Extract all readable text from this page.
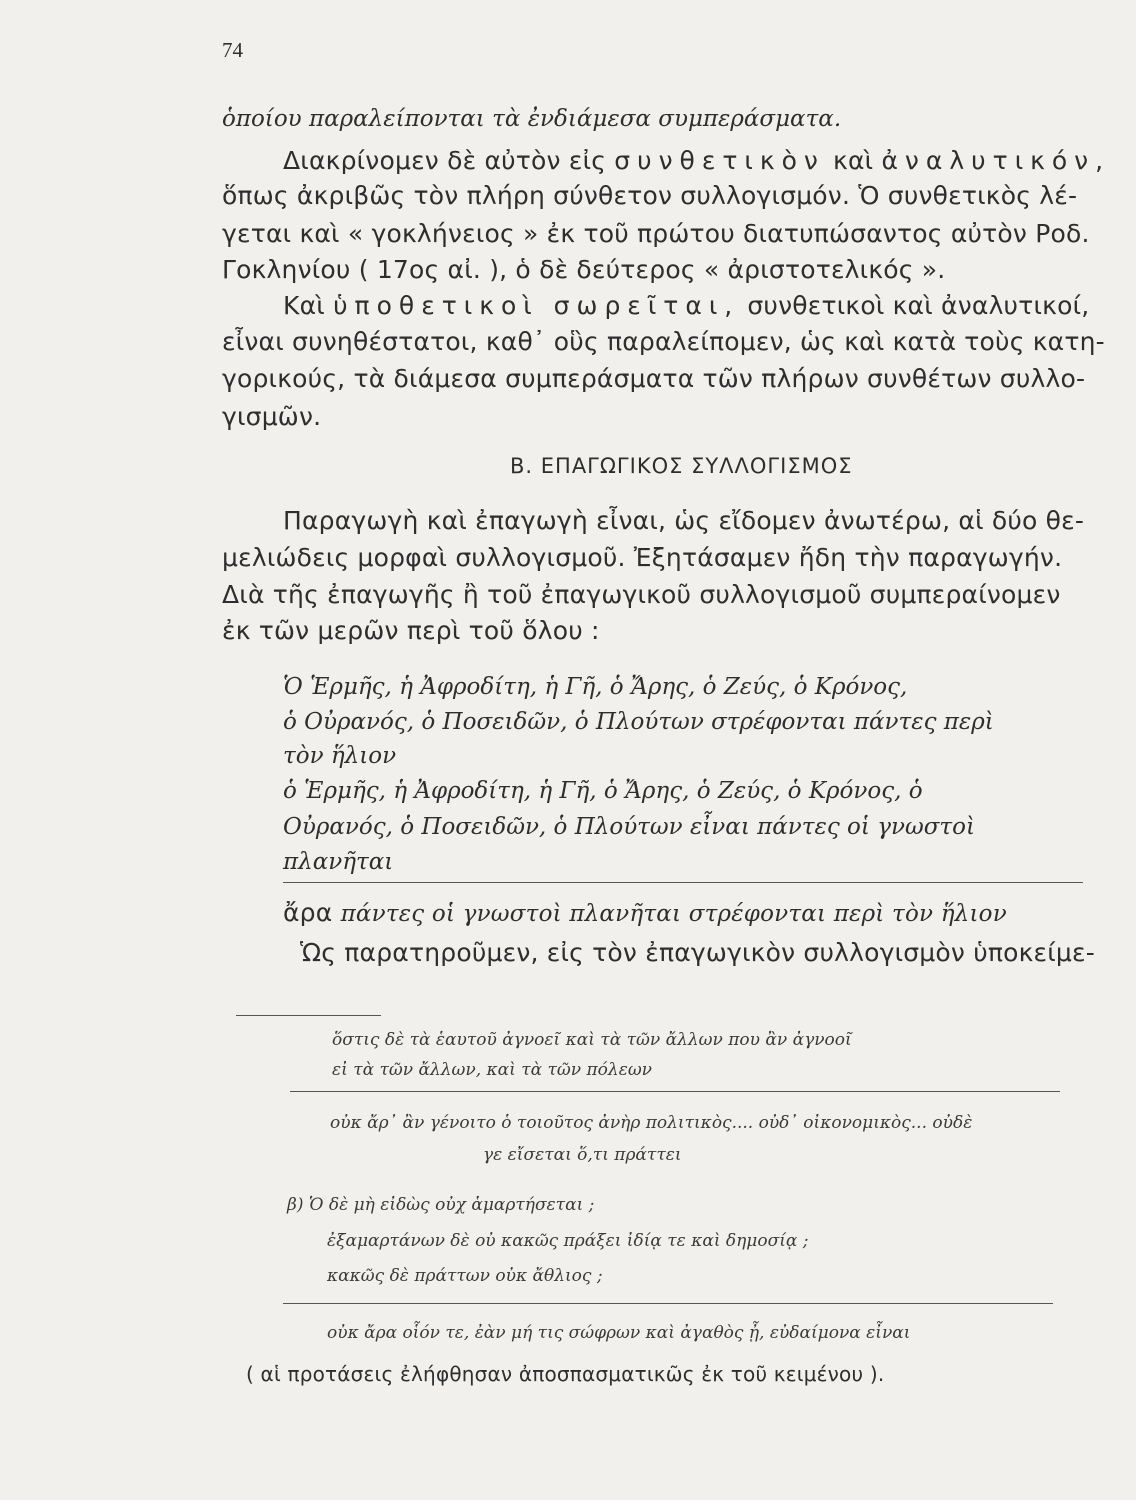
74
ὁποίου παραλείπονται τὰ ἐνδιάμεσα συμπεράσματα.
Διακρίνομεν δὲ αὐτὸν εἰς συνθετικὸν καὶ ἀναλυτικόν,
ὅπως ἀκριβῶς τὸν πλήρη σύνθετον συλλογισμόν. Ὁ συνθετικὸς λέ-
γεται καὶ « γοκλήνειος » ἐκ τοῦ πρώτου διατυπώσαντος αὐτὸν Ροδ.
Γοκληνίου ( 17ος αἰ. ), ὁ δὲ δεύτερος « ἀριστοτελικός ».
Καὶ ὑποθετικοὶ σωρεῖται, συνθετικοὶ καὶ ἀναλυτικοί,
εἶναι συνηθέστατοι, καθ᾽ οὓς παραλείπομεν, ὡς καὶ κατὰ τοὺς κατη-
γορικούς, τὰ διάμεσα συμπεράσματα τῶν πλήρων συνθέτων συλλο-
γισμῶν.
Β. ΕΠΑΓΩΓΙΚΟΣ ΣΥΛΛΟΓΙΣΜΟΣ
Παραγωγὴ καὶ ἐπαγωγὴ εἶναι, ὡς εἴδομεν ἀνωτέρω, αἱ δύο θε-
μελιώδεις μορφαὶ συλλογισμοῦ. Ἐξητάσαμεν ἤδη τὴν παραγωγήν.
Διὰ τῆς ἐπαγωγῆς ἢ τοῦ ἐπαγωγικοῦ συλλογισμοῦ συμπεραίνομεν
ἐκ τῶν μερῶν περὶ τοῦ ὅλου :
Ὁ Ἑρμῆς, ἡ Ἀφροδίτη, ἡ Γῆ, ὁ Ἄρης, ὁ Ζεύς, ὁ Κρόνος,
ὁ Οὐρανός, ὁ Ποσειδῶν, ὁ Πλούτων στρέφονται πάντες περὶ
τὸν ἥλιον
ὁ Ἑρμῆς, ἡ Ἀφροδίτη, ἡ Γῆ, ὁ Ἄρης, ὁ Ζεύς, ὁ Κρόνος, ὁ
Οὐρανός, ὁ Ποσειδῶν, ὁ Πλούτων εἶναι πάντες οἱ γνωστοὶ
πλανῆται
ἄρα πάντες οἱ γνωστοὶ πλανῆται στρέφονται περὶ τὸν ἥλιον
Ὡς παρατηροῦμεν, εἰς τὸν ἐπαγωγικὸν συλλογισμὸν ὑποκείμε-
ὅστις δὲ τὰ ἑαυτοῦ ἀγνοεῖ καὶ τὰ τῶν ἄλλων που ἂν ἀγνοοῖ
εἰ τὰ τῶν ἄλλων, καὶ τὰ τῶν πόλεων
οὐκ ἄρ᾽ ἂν γένοιτο ὁ τοιοῦτος ἀνὴρ πολιτικὸς.... οὐδ᾽ οἰκονομικὸς... οὐδὲ
γε εἴσεται ὅ,τι πράττει
β) Ὁ δὲ μὴ εἰδὼς οὐχ ἁμαρτήσεται ;
ἐξαμαρτάνων δὲ οὐ κακῶς πράξει ἰδίᾳ τε καὶ δημοσίᾳ ;
κακῶς δὲ πράττων οὐκ ἄθλιος ;
οὐκ ἄρα οἷόν τε, ἐὰν μή τις σώφρων καὶ ἀγαθὸς ᾖ, εὐδαίμονα εἶναι
( αἱ προτάσεις ἐλήφθησαν ἀποσπασματικῶς ἐκ τοῦ κειμένου ).
